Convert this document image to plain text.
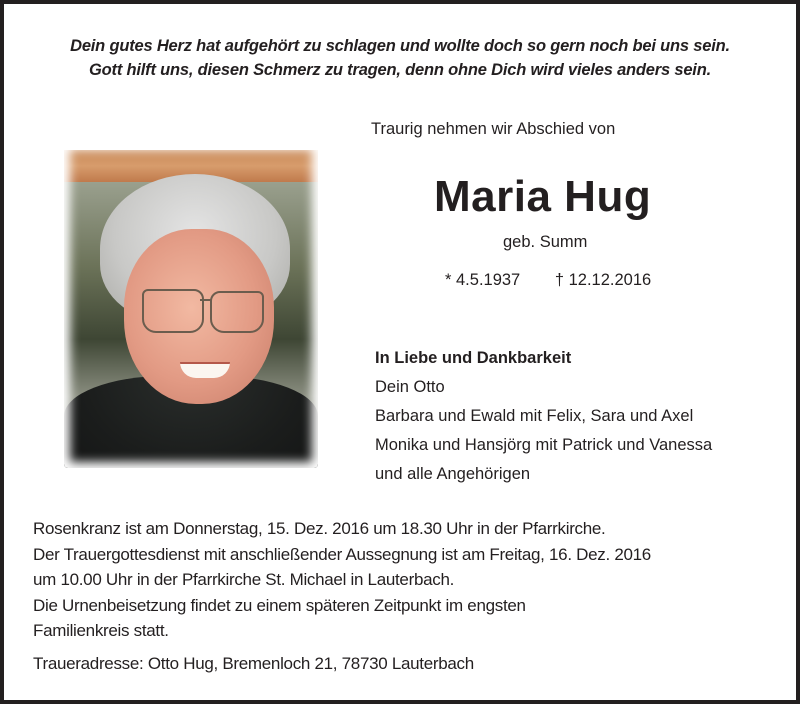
Dein gutes Herz hat aufgehört zu schlagen und wollte doch so gern noch bei uns sein.
Gott hilft uns, diesen Schmerz zu tragen, denn ohne Dich wird vieles anders sein.
Traurig nehmen wir Abschied von
Maria Hug
geb. Summ
* 4.5.1937 † 12.12.2016
In Liebe und Dankbarkeit
Dein Otto
Barbara und Ewald mit Felix, Sara und Axel
Monika und Hansjörg mit Patrick und Vanessa
und alle Angehörigen
Rosenkranz ist am Donnerstag, 15. Dez. 2016 um 18.30 Uhr in der Pfarrkirche.
Der Trauergottesdienst mit anschließender Aussegnung ist am Freitag, 16. Dez. 2016
um 10.00 Uhr in der Pfarrkirche St. Michael in Lauterbach.
Die Urnenbeisetzung findet zu einem späteren Zeitpunkt im engsten
Familienkreis statt.
Traueradresse: Otto Hug, Bremenloch 21, 78730 Lauterbach
